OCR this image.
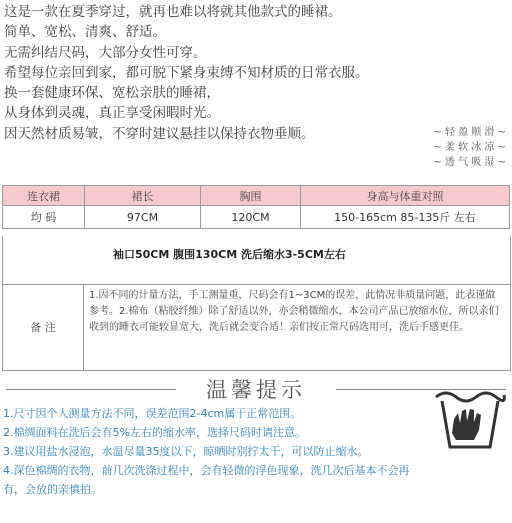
这是一款在夏季穿过，就再也难以将就其他款式的睡裙。
简单、宽松、清爽、舒适。
无需纠结尺码，大部分女性可穿。
希望每位亲回到家，都可脱下紧身束缚不知材质的日常衣服。
换一套健康环保、宽松亲肤的睡裙，
从身体到灵魂，真正享受闲暇时光。
因天然材质易皱，不穿时建议悬挂以保持衣物垂顺。	~ 轻 盈 顺 滑 ~
~ 柔 软 冰 凉 ~
~ 透 气 吸 湿 ~
连衣裙	裙长	胸围	身高与体重对照
均 码	97CM	120CM	150-165cm 85-135斤 左右
袖口50CM 腹围130CM 洗后缩水3-5CM左右
备 注
1.因不同的计量方法，手工测量重，尺码会有1~3CM的误差，此情况非质量问题，此表谨做参考。2.棉布（粘胶纤维）除了舒适以外，亦会稍微缩水，本公司产品已放缩水位，所以亲们收到的睡衣可能较显宽大，洗后就会变合适！亲们按正常尺码选用可，洗后手感更佳。
温馨提示
1.尺寸因个人测量方法不同，误差范围2-4cm属于正常范围。
2.棉绸面料在洗后会有5%左右的缩水率，选择尺码时请注意。
3.建议用盐水浸泡，水温尽量35度以下，晾晒时别拧太干，可以防止缩水。
4.深色棉绸的衣物，前几次洗涤过程中，会有轻微的浮色现象，洗几次后基本不会再有，会放的亲慎拍。
